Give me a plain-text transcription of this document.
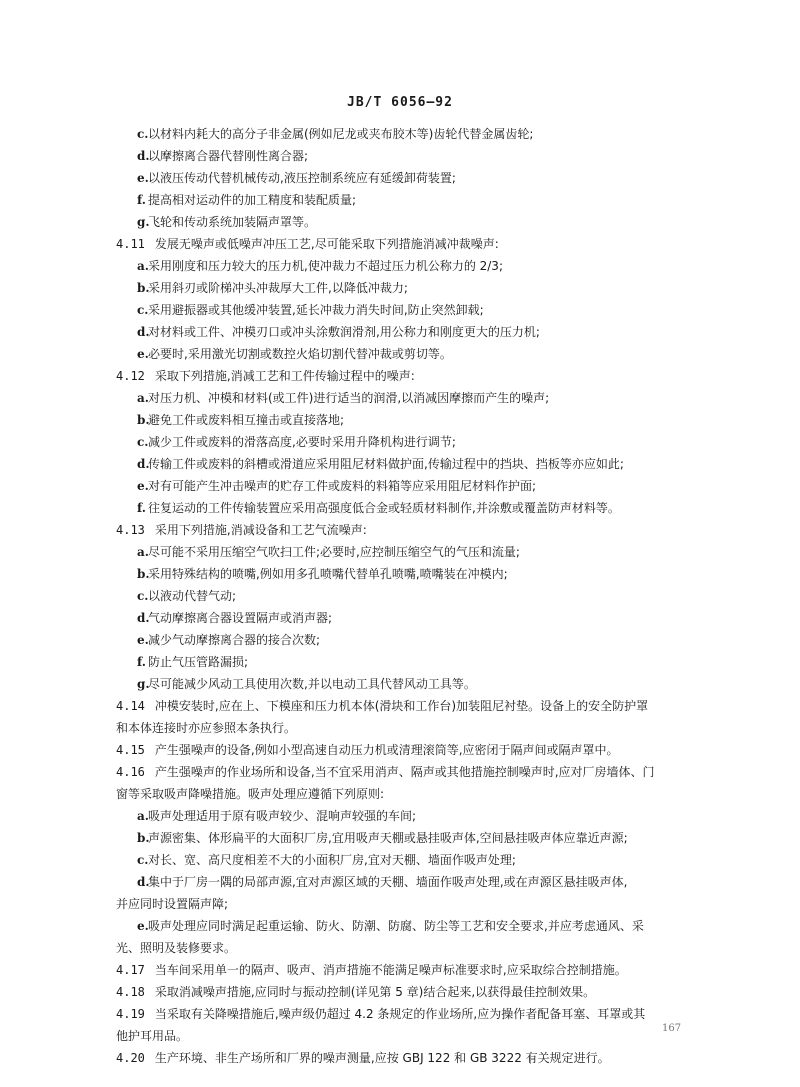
JB/T 6056—92
c. 以材料内耗大的高分子非金属(例如尼龙或夹布胶木等)齿轮代替金属齿轮;
d.
以摩擦离合器代替刚性离合器;
e. 以液压传动代替机械传动,液压控制系统应有延缓卸荷装置;
f. 提高相对运动件的加工精度和装配质量;
g.
飞轮和传动系统加装隔声罩等。
4.11 发展无噪声或低噪声冲压工艺,尽可能采取下列措施消减冲裁噪声:
a. 采用刚度和压力较大的压力机,使冲裁力不超过压力机公称力的 2/3;
b.
采用斜刃或阶梯冲头冲裁厚大工件,以降低冲裁力;
c. 采用避振器或其他缓冲装置,延长冲裁力消失时间,防止突然卸载;
d.
对材料或工件、冲模刃口或冲头涂敷润滑剂,用公称力和刚度更大的压力机;
e. 必要时,采用激光切割或数控火焰切割代替冲裁或剪切等。
4.12 采取下列措施,消减工艺和工件传输过程中的噪声:
a. 对压力机、冲模和材料(或工件)进行适当的润滑,以消减因摩擦而产生的噪声;
b.
避免工件或废料相互撞击或直接落地;
c. 减少工件或废料的滑落高度,必要时采用升降机构进行调节;
d.
传输工件或废料的斜槽或滑道应采用阻尼材料做护面,传输过程中的挡块、挡板等亦应如此;
e. 对有可能产生冲击噪声的贮存工件或废料的料箱等应采用阻尼材料作护面;
f. 往复运动的工件传输装置应采用高强度低合金或轻质材料制作,并涂敷或覆盖防声材料等。
4.13 采用下列措施,消减设备和工艺气流噪声:
a. 尽可能不采用压缩空气吹扫工件;必要时,应控制压缩空气的气压和流量;
b.
采用特殊结构的喷嘴,例如用多孔喷嘴代替单孔喷嘴,喷嘴装在冲模内;
c. 以液动代替气动;
d.
气动摩擦离合器设置隔声或消声器;
e. 减少气动摩擦离合器的接合次数;
f. 防止气压管路漏损;
g.
尽可能减少风动工具使用次数,并以电动工具代替风动工具等。
4.14 冲模安装时,应在上、下模座和压力机本体(滑块和工作台)加装阻尼衬垫。设备上的安全防护罩
和本体连接时亦应参照本条执行。
4.15 产生强噪声的设备,例如小型高速自动压力机或清理滚筒等,应密闭于隔声间或隔声罩中。
4.16 产生强噪声的作业场所和设备,当不宜采用消声、隔声或其他措施控制噪声时,应对厂房墙体、门
窗等采取吸声降噪措施。吸声处理应遵循下列原则:
a. 吸声处理适用于原有吸声较少、混响声较强的车间;
b.
声源密集、体形扁平的大面积厂房,宜用吸声天棚或悬挂吸声体,空间悬挂吸声体应靠近声源;
c. 对长、宽、高尺度相差不大的小面积厂房,宜对天棚、墙面作吸声处理;
d.
集中于厂房一隅的局部声源,宜对声源区域的天棚、墙面作吸声处理,或在声源区悬挂吸声体,
并应同时设置隔声障;
e. 吸声处理应同时满足起重运输、防火、防潮、防腐、防尘等工艺和安全要求,并应考虑通风、采
光、照明及装修要求。
4.17 当车间采用单一的隔声、吸声、消声措施不能满足噪声标准要求时,应采取综合控制措施。
4.18 采取消减噪声措施,应同时与振动控制(详见第 5 章)结合起来,以获得最佳控制效果。
4.19 当采取有关降噪措施后,噪声级仍超过 4.2 条规定的作业场所,应为操作者配备耳塞、耳罩或其
他护耳用品。
4.20 生产环境、非生产场所和厂界的噪声测量,应按 GBJ 122 和 GB 3222 有关规定进行。
167
